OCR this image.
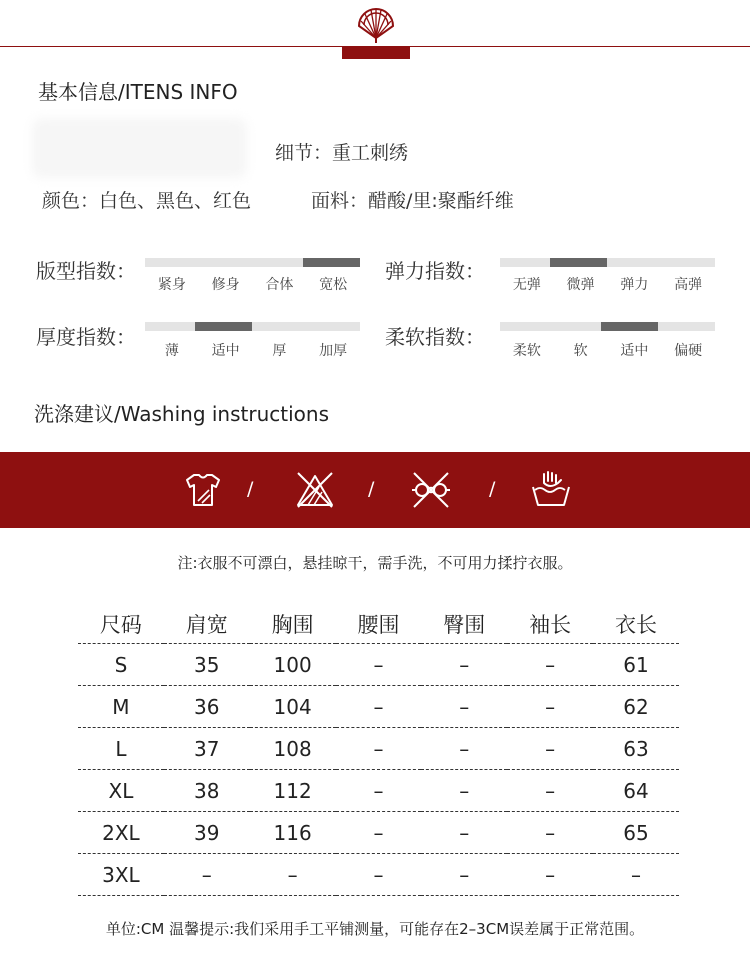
基本信息/ITENS INFO
细节：重工刺绣
颜色：白色、黑色、红色	面料：醋酸/里:聚酯纤维
版型指数：
紧身	修身	合体	宽松
弹力指数：
无弹	微弹	弹力	高弹
厚度指数：
薄	适中	厚	加厚
柔软指数：
柔软	软	适中	偏硬
洗涤建议/Washing instructions
/	/	/
注:衣服不可漂白，悬挂晾干，需手洗，不可用力揉拧衣服。
尺码	肩宽	胸围	腰围	臀围	袖长	衣长
S	35	100	–	–	–	61
M	36	104	–	–	–	62
L	37	108	–	–	–	63
XL	38	112	–	–	–	64
2XL	39	116	–	–	–	65
3XL	–	–	–	–	–	–
单位:CM 温馨提示:我们采用手工平铺测量，可能存在2–3CM误差属于正常范围。
